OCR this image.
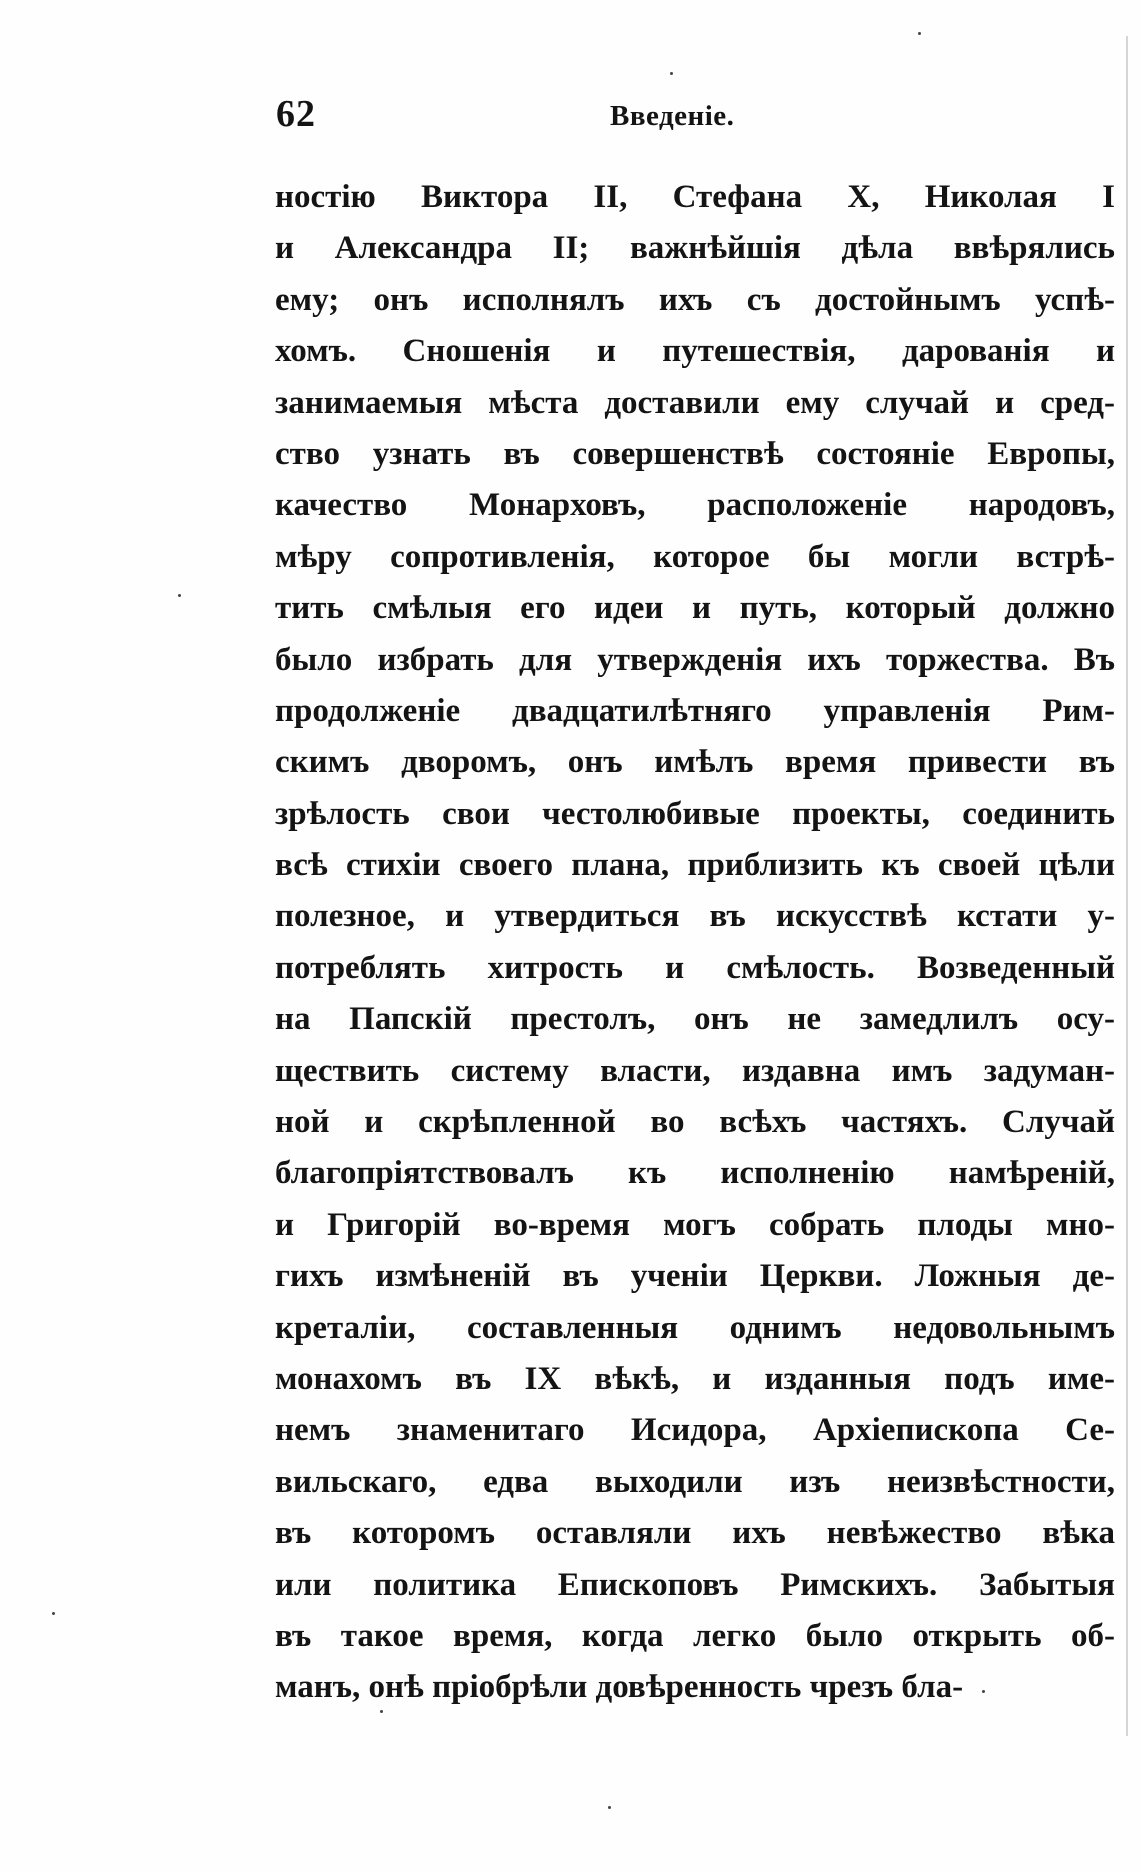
62	Введеніе.
ностію Виктора II, Стефана X, Николая I
и Александра II; важнѣйшія дѣла ввѣрялись
ему; онъ исполнялъ ихъ съ достойнымъ успѣ-
хомъ. Сношенія и путешествія, дарованія и
занимаемыя мѣста доставили ему случай и сред-
ство узнать въ совершенствѣ состояніе Европы,
качество Монарховъ, расположеніе народовъ,
мѣру сопротивленія, которое бы могли встрѣ-
тить смѣлыя его идеи и путь, который должно
было избрать для утвержденія ихъ торжества. Въ
продолженіе двадцатилѣтняго управленія Рим-
скимъ дворомъ, онъ имѣлъ время привести въ
зрѣлость свои честолюбивые проекты, соединить
всѣ стихіи своего плана, приблизить къ своей цѣли
полезное, и утвердиться въ искусствѣ кстати у-
потреблять хитрость и смѣлость. Возведенный
на Папскій престолъ, онъ не замедлилъ осу-
ществить систему власти, издавна имъ задуман-
ной и скрѣпленной во всѣхъ частяхъ. Случай
благопріятствовалъ къ исполненію намѣреній,
и Григорій во-время могъ собрать плоды мно-
гихъ измѣненій въ ученіи Церкви. Ложныя де-
креталіи, составленныя однимъ недовольнымъ
монахомъ въ IX вѣкѣ, и изданныя подъ име-
немъ знаменитаго Исидора, Архіепископа Се-
вильскаго, едва выходили изъ неизвѣстности,
въ которомъ оставляли ихъ невѣжество вѣка
или политика Епископовъ Римскихъ. Забытыя
въ такое время, когда легко было открыть об-
манъ, онѣ пріобрѣли довѣренность чрезъ бла-
